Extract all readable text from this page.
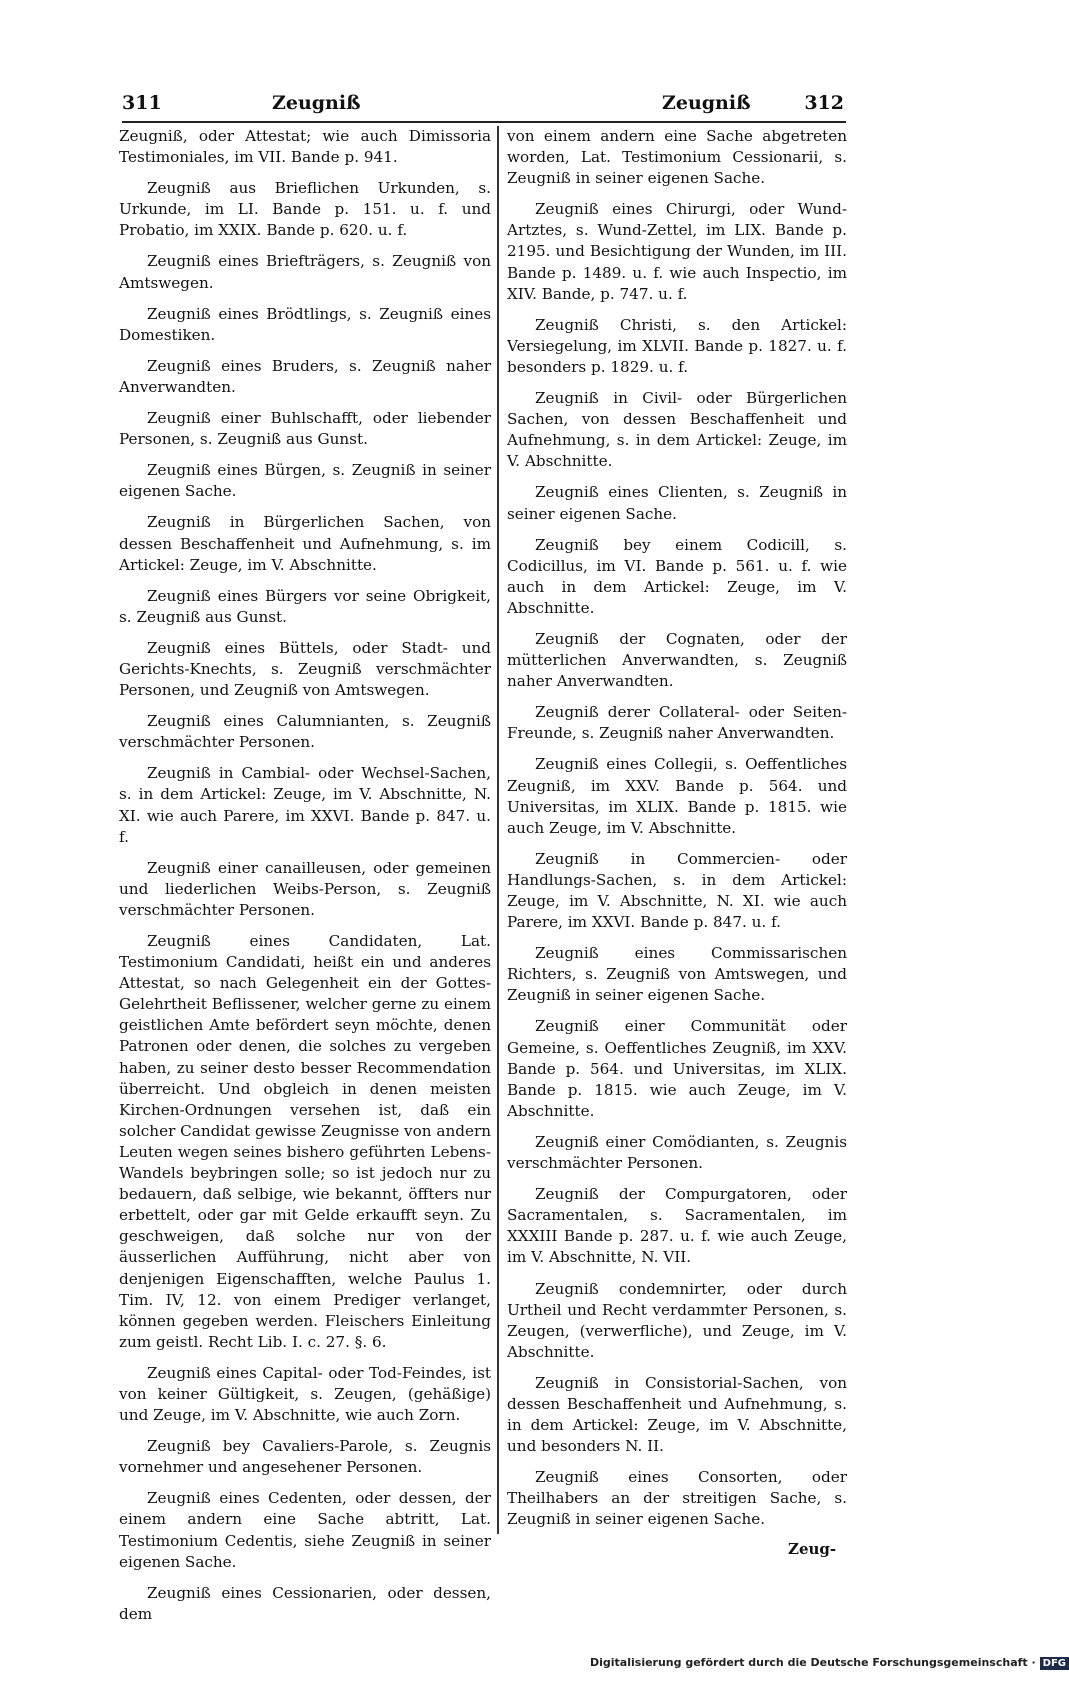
311	Zeugniß	Zeugniß	312

Zeugniß, oder Attestat; wie auch Dimissoria Testimoniales, im VII. Bande p. 941.

Zeugniß aus Brieflichen Urkunden, s. Urkunde, im LI. Bande p. 151. u. f. und Probatio, im XXIX. Bande p. 620. u. f.

Zeugniß eines Briefträgers, s. Zeugniß von Amtswegen.

Zeugniß eines Brödtlings, s. Zeugniß eines Domestiken.

Zeugniß eines Bruders, s. Zeugniß naher Anverwandten.

Zeugniß einer Buhlschafft, oder liebender Personen, s. Zeugniß aus Gunst.

Zeugniß eines Bürgen, s. Zeugniß in seiner eigenen Sache.

Zeugniß in Bürgerlichen Sachen, von dessen Beschaffenheit und Aufnehmung, s. im Artickel: Zeuge, im V. Abschnitte.

Zeugniß eines Bürgers vor seine Obrigkeit, s. Zeugniß aus Gunst.

Zeugniß eines Büttels, oder Stadt- und Gerichts-Knechts, s. Zeugniß verschmächter Personen, und Zeugniß von Amtswegen.

Zeugniß eines Calumnianten, s. Zeugniß verschmächter Personen.

Zeugniß in Cambial- oder Wechsel-Sachen, s. in dem Artickel: Zeuge, im V. Abschnitte, N. XI. wie auch Parere, im XXVI. Bande p. 847. u. f.

Zeugniß einer canailleusen, oder gemeinen und liederlichen Weibs-Person, s. Zeugniß verschmächter Personen.

Zeugniß eines Candidaten, Lat. Testimonium Candidati, heißt ein und anderes Attestat, so nach Gelegenheit ein der Gottes-Gelehrtheit Beflissener, welcher gerne zu einem geistlichen Amte befördert seyn möchte, denen Patronen oder denen, die solches zu vergeben haben, zu seiner desto besser Recommendation überreicht. Und obgleich in denen meisten Kirchen-Ordnungen versehen ist, daß ein solcher Candidat gewisse Zeugnisse von andern Leuten wegen seines bishero geführten Lebens-Wandels beybringen solle; so ist jedoch nur zu bedauern, daß selbige, wie bekannt, öffters nur erbettelt, oder gar mit Gelde erkaufft seyn. Zu geschweigen, daß solche nur von der äusserlichen Aufführung, nicht aber von denjenigen Eigenschafften, welche Paulus 1. Tim. IV, 12. von einem Prediger verlanget, können gegeben werden. Fleischers Einleitung zum geistl. Recht Lib. I. c. 27. §. 6.

Zeugniß eines Capital- oder Tod-Feindes, ist von keiner Gültigkeit, s. Zeugen, (gehäßige) und Zeuge, im V. Abschnitte, wie auch Zorn.

Zeugniß bey Cavaliers-Parole, s. Zeugnis vornehmer und angesehener Personen.

Zeugniß eines Cedenten, oder dessen, der einem andern eine Sache abtritt, Lat. Testimonium Cedentis, siehe Zeugniß in seiner eigenen Sache.

Zeugniß eines Cessionarien, oder dessen, dem

von einem andern eine Sache abgetreten worden, Lat. Testimonium Cessionarii, s. Zeugniß in seiner eigenen Sache.

Zeugniß eines Chirurgi, oder Wund-Artztes, s. Wund-Zettel, im LIX. Bande p. 2195. und Besichtigung der Wunden, im III. Bande p. 1489. u. f. wie auch Inspectio, im XIV. Bande, p. 747. u. f.

Zeugniß Christi, s. den Artickel: Versiegelung, im XLVII. Bande p. 1827. u. f. besonders p. 1829. u. f.

Zeugniß in Civil- oder Bürgerlichen Sachen, von dessen Beschaffenheit und Aufnehmung, s. in dem Artickel: Zeuge, im V. Abschnitte.

Zeugniß eines Clienten, s. Zeugniß in seiner eigenen Sache.

Zeugniß bey einem Codicill, s. Codicillus, im VI. Bande p. 561. u. f. wie auch in dem Artickel: Zeuge, im V. Abschnitte.

Zeugniß der Cognaten, oder der mütterlichen Anverwandten, s. Zeugniß naher Anverwandten.

Zeugniß derer Collateral- oder Seiten-Freunde, s. Zeugniß naher Anverwandten.

Zeugniß eines Collegii, s. Oeffentliches Zeugniß, im XXV. Bande p. 564. und Universitas, im XLIX. Bande p. 1815. wie auch Zeuge, im V. Abschnitte.

Zeugniß in Commercien- oder Handlungs-Sachen, s. in dem Artickel: Zeuge, im V. Abschnitte, N. XI. wie auch Parere, im XXVI. Bande p. 847. u. f.

Zeugniß eines Commissarischen Richters, s. Zeugniß von Amtswegen, und Zeugniß in seiner eigenen Sache.

Zeugniß einer Communität oder Gemeine, s. Oeffentliches Zeugniß, im XXV. Bande p. 564. und Universitas, im XLIX. Bande p. 1815. wie auch Zeuge, im V. Abschnitte.

Zeugniß einer Comödianten, s. Zeugnis verschmächter Personen.

Zeugniß der Compurgatoren, oder Sacramentalen, s. Sacramentalen, im XXXIII Bande p. 287. u. f. wie auch Zeuge, im V. Abschnitte, N. VII.

Zeugniß condemnirter, oder durch Urtheil und Recht verdammter Personen, s. Zeugen, (verwerfliche), und Zeuge, im V. Abschnitte.

Zeugniß in Consistorial-Sachen, von dessen Beschaffenheit und Aufnehmung, s. in dem Artickel: Zeuge, im V. Abschnitte, und besonders N. II.

Zeugniß eines Consorten, oder Theilhabers an der streitigen Sache, s. Zeugniß in seiner eigenen Sache.

Zeug-
Digitalisierung gefördert durch die Deutsche Forschungsgemeinschaft · DFG
